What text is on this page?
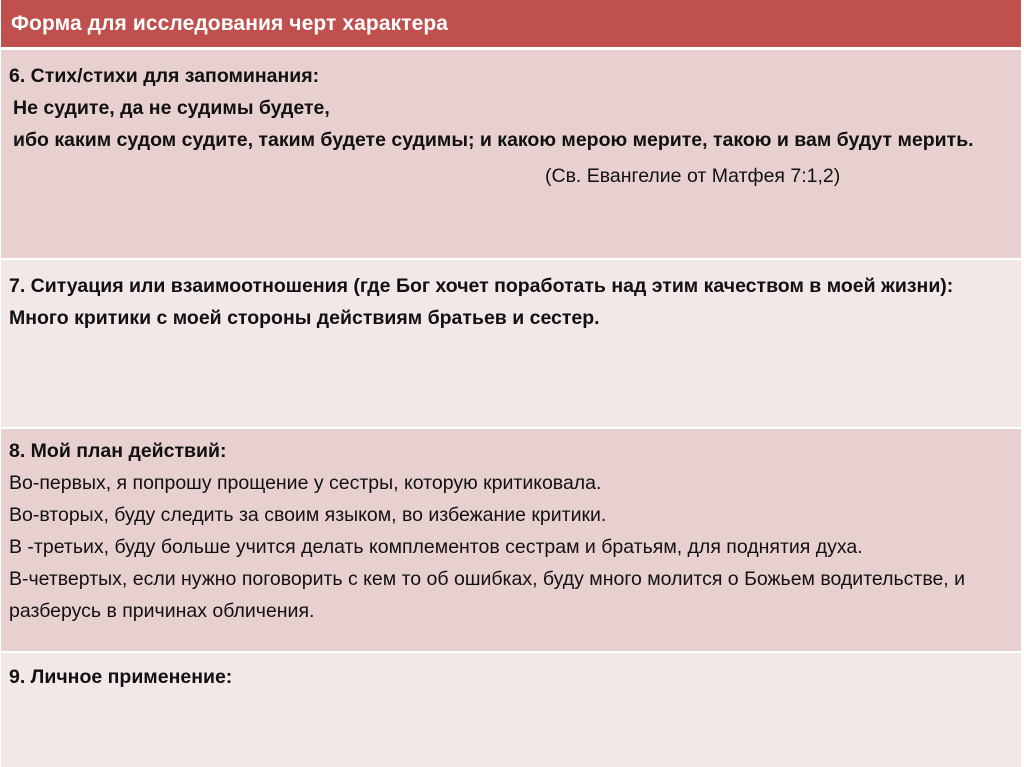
Форма для исследования черт характера
6. Стих/стихи для запоминания:
Не судите, да не судимы будете,
ибо каким судом судите, таким будете судимы; и какою мерою мерите, такою и вам будут мерить.
(Св. Евангелие от Матфея 7:1,2)
7. Ситуация или взаимоотношения (где Бог хочет поработать над этим качеством в моей жизни):
Много критики с моей стороны действиям братьев и сестер.
8. Мой план действий:
Во-первых, я попрошу прощение у сестры, которую критиковала.
Во-вторых, буду следить за своим языком, во избежание критики.
В -третьих, буду больше учится делать комплементов сестрам и братьям, для поднятия духа.
В-четвертых, если нужно поговорить с кем то об ошибках, буду много молится о Божьем водительстве, и разберусь в причинах обличения.
9. Личное применение:
